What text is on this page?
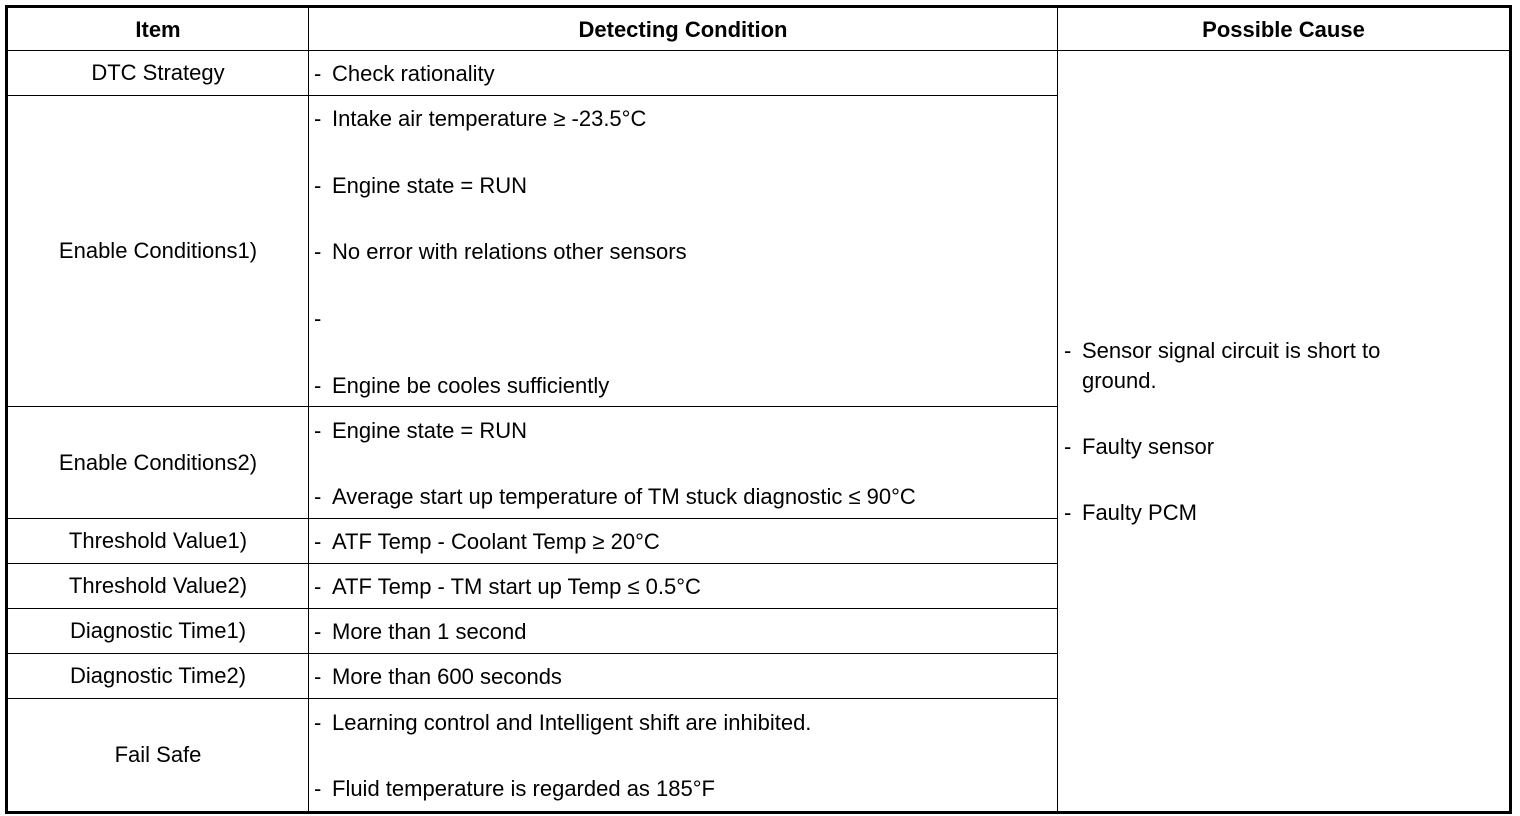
Item	Detecting Condition	Possible Cause
DTC Strategy
Enable Conditions1)
Enable Conditions2)
Threshold Value1)
Threshold Value2)
Diagnostic Time1)
Diagnostic Time2)
Fail Safe
- Check rationality
- Intake air temperature ≥ -23.5°C
- Engine state = RUN
- No error with relations other sensors
-
- Engine be cooles sufficiently
- Engine state = RUN
- Average start up temperature of TM stuck diagnostic ≤ 90°C
- ATF Temp - Coolant Temp ≥ 20°C
- ATF Temp - TM start up Temp ≤ 0.5°C
- More than 1 second
- More than 600 seconds
- Learning control and Intelligent shift are inhibited.
- Fluid temperature is regarded as 185°F
- Sensor signal circuit is short to ground.
- Faulty sensor
- Faulty PCM
